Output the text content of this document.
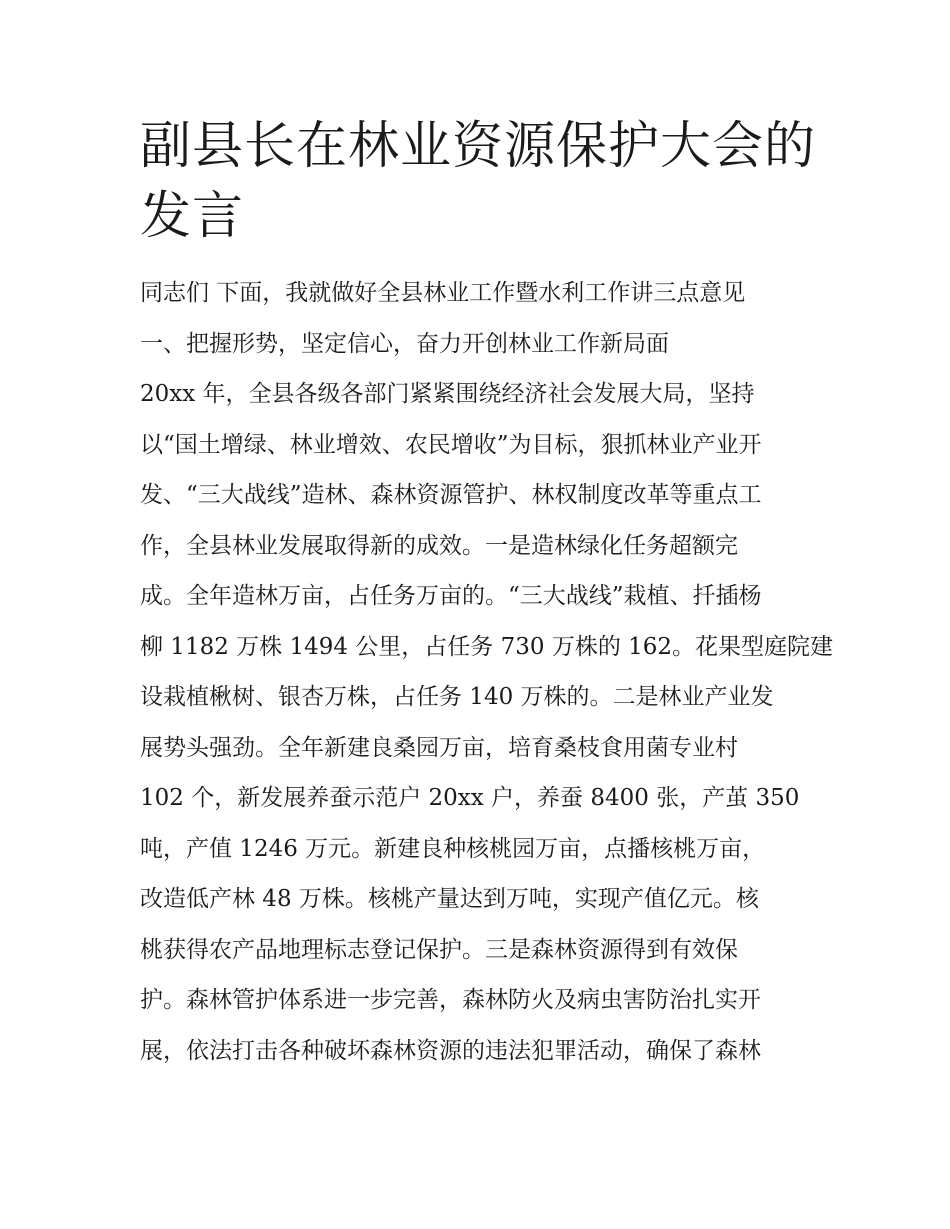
副县长在林业资源保护大会的
发言
同志们 下面，我就做好全县林业工作暨水利工作讲三点意见
一、把握形势，坚定信心，奋力开创林业工作新局面
20xx 年，全县各级各部门紧紧围绕经济社会发展大局，坚持
以“国土增绿、林业增效、农民增收”为目标，狠抓林业产业开
发、“三大战线”造林、森林资源管护、林权制度改革等重点工
作，全县林业发展取得新的成效。一是造林绿化任务超额完
成。全年造林万亩，占任务万亩的。“三大战线”栽植、扦插杨
柳 1182 万株 1494 公里，占任务 730 万株的 162。花果型庭院建
设栽植楸树、银杏万株，占任务 140 万株的。二是林业产业发
展势头强劲。全年新建良桑园万亩，培育桑枝食用菌专业村
102 个，新发展养蚕示范户 20xx 户，养蚕 8400 张，产茧 350
吨，产值 1246 万元。新建良种核桃园万亩，点播核桃万亩，
改造低产林 48 万株。核桃产量达到万吨，实现产值亿元。核
桃获得农产品地理标志登记保护。三是森林资源得到有效保
护。森林管护体系进一步完善，森林防火及病虫害防治扎实开
展，依法打击各种破坏森林资源的违法犯罪活动，确保了森林
